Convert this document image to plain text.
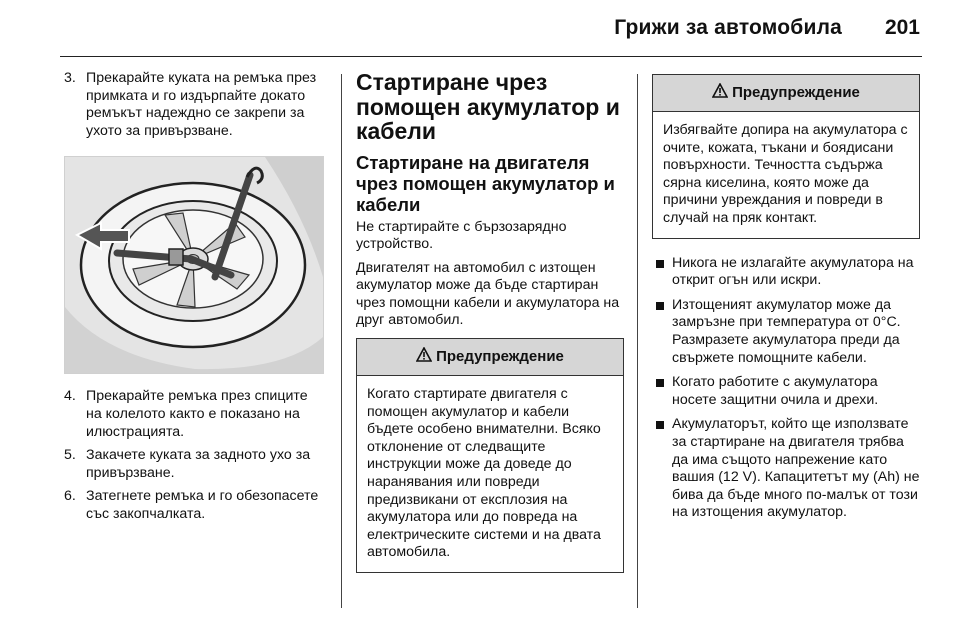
Грижи за автомобила 201
3. Прекарайте куката на ремъка през примката и го издърпайте докато ремъкът надеждно се закрепи за ухото за привързване.
4. Прекарайте ремъка през спиците на колелото както е показано на илюстрацията.
5. Закачете куката за задното ухо за привързване.
6. Затегнете ремъка и го обезопасете със закопчалката.
Стартиране чрез помощен акумулатор и кабели
Стартиране на двигателя чрез помощен акумулатор и кабели

Не стартирайте с бързозарядно устройство.

Двигателят на автомобил с изтощен акумулатор може да бъде стартиран чрез помощни кабели и акумулатора на друг автомобил.

Предупреждение
Когато стартирате двигателя с помощен акумулатор и кабели бъдете особено внимателни. Всяко отклонение от следващите инструкции може да доведе до наранявания или повреди предизвикани от експлозия на акумулатора или до повреда на електрическите системи и на двата автомобила.
Предупреждение
Избягвайте допира на акумулатора с очите, кожата, тъкани и боядисани повърхности. Течността съдържа сярна киселина, която може да причини увреждания и повреди в случай на пряк контакт.
Никога не излагайте акумулатора на открит огън или искри.
Изтощеният акумулатор може да замръзне при температура от 0°C. Размразете акумулатора преди да свържете помощните кабели.
Когато работите с акумулатора носете защитни очила и дрехи.
Акумулаторът, който ще използвате за стартиране на двигателя трябва да има същото напрежение като вашия (12 V). Капацитетът му (Ah) не бива да бъде много по-малък от този на изтощения акумулатор.
